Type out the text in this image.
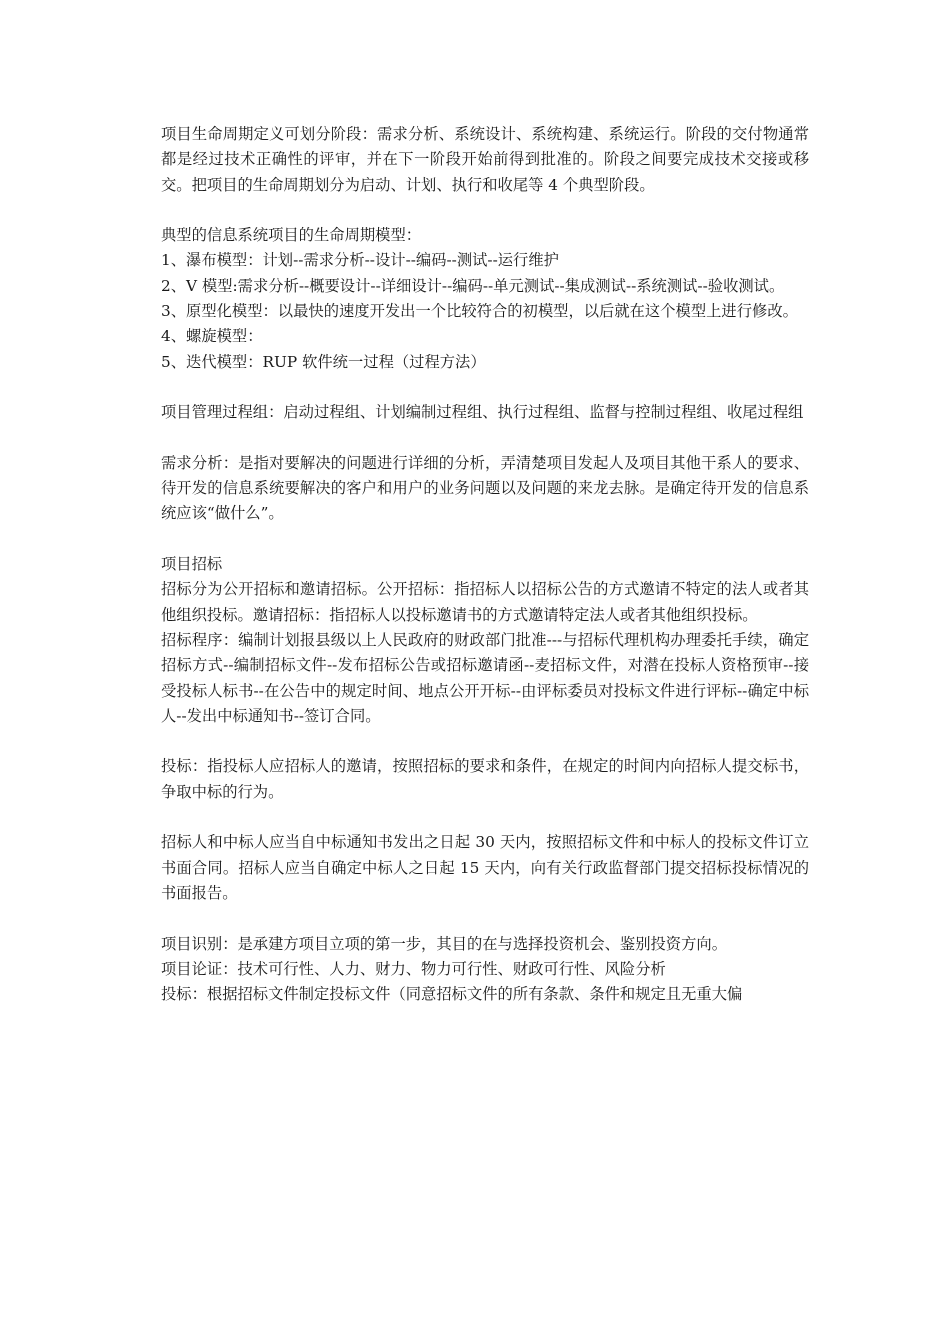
项目生命周期定义可划分阶段：需求分析、系统设计、系统构建、系统运行。阶段的交付物通常都是经过技术正确性的评审，并在下一阶段开始前得到批准的。阶段之间要完成技术交接或移交。把项目的生命周期划分为启动、计划、执行和收尾等 4 个典型阶段。

典型的信息系统项目的生命周期模型：

1、瀑布模型：计划--需求分析--设计--编码--测试--运行维护

2、V 模型:需求分析--概要设计--详细设计--编码--单元测试--集成测试--系统测试--验收测试。

3、原型化模型：以最快的速度开发出一个比较符合的初模型，以后就在这个模型上进行修改。

4、螺旋模型：

5、迭代模型：RUP 软件统一过程（过程方法）

项目管理过程组：启动过程组、计划编制过程组、执行过程组、监督与控制过程组、收尾过程组

需求分析：是指对要解决的问题进行详细的分析，弄清楚项目发起人及项目其他干系人的要求、待开发的信息系统要解决的客户和用户的业务问题以及问题的来龙去脉。是确定待开发的信息系统应该“做什么”。

项目招标

招标分为公开招标和邀请招标。公开招标：指招标人以招标公告的方式邀请不特定的法人或者其他组织投标。邀请招标：指招标人以投标邀请书的方式邀请特定法人或者其他组织投标。

招标程序：编制计划报县级以上人民政府的财政部门批准---与招标代理机构办理委托手续，确定招标方式--编制招标文件--发布招标公告或招标邀请函--麦招标文件，对潜在投标人资格预审--接受投标人标书--在公告中的规定时间、地点公开开标--由评标委员对投标文件进行评标--确定中标人--发出中标通知书--签订合同。

投标：指投标人应招标人的邀请，按照招标的要求和条件，在规定的时间内向招标人提交标书，争取中标的行为。

招标人和中标人应当自中标通知书发出之日起 30 天内，按照招标文件和中标人的投标文件订立书面合同。招标人应当自确定中标人之日起 15 天内，向有关行政监督部门提交招标投标情况的书面报告。

项目识别：是承建方项目立项的第一步，其目的在与选择投资机会、鉴别投资方向。

项目论证：技术可行性、人力、财力、物力可行性、财政可行性、风险分析

投标：根据招标文件制定投标文件（同意招标文件的所有条款、条件和规定且无重大偏
